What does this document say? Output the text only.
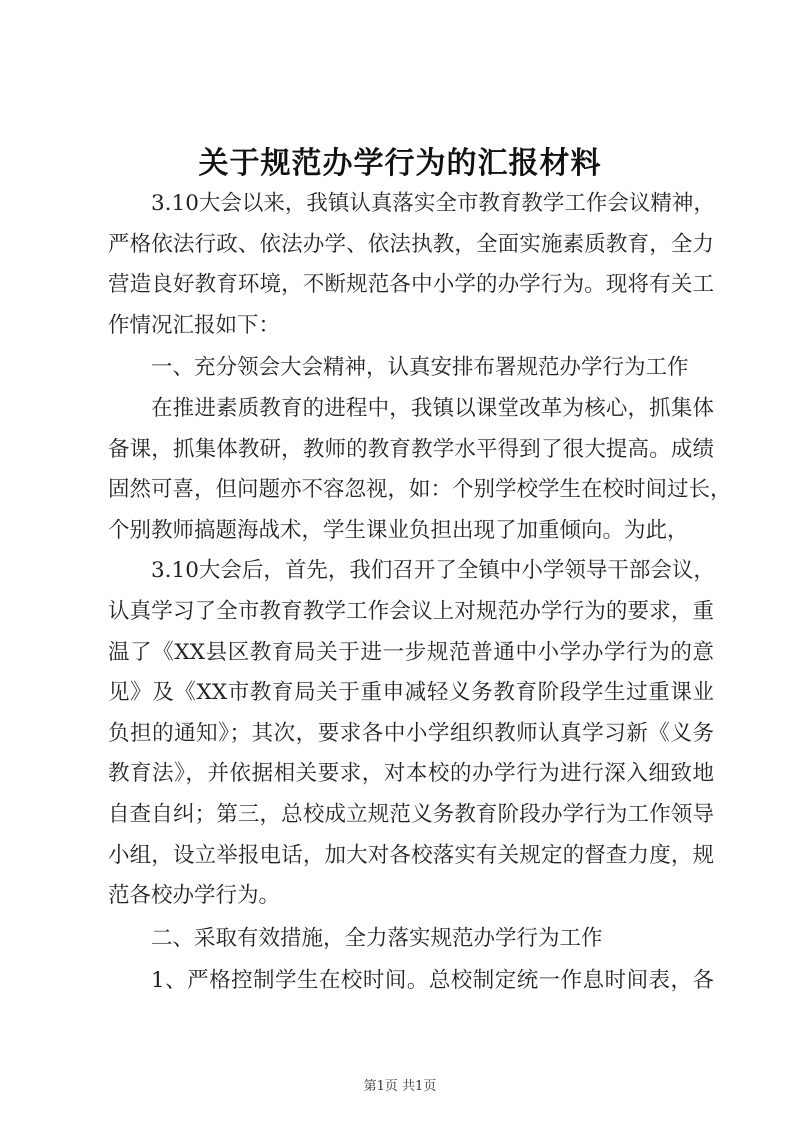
关于规范办学行为的汇报材料
3.10大会以来，我镇认真落实全市教育教学工作会议精神，
严格依法行政、依法办学、依法执教，全面实施素质教育，全力
营造良好教育环境，不断规范各中小学的办学行为。现将有关工
作情况汇报如下：
一、充分领会大会精神，认真安排布署规范办学行为工作
在推进素质教育的进程中，我镇以课堂改革为核心，抓集体
备课，抓集体教研，教师的教育教学水平得到了很大提高。成绩
固然可喜，但问题亦不容忽视，如：个别学校学生在校时间过长，
个别教师搞题海战术，学生课业负担出现了加重倾向。为此，
3.10大会后，首先，我们召开了全镇中小学领导干部会议，
认真学习了全市教育教学工作会议上对规范办学行为的要求，重
温了《XX县区教育局关于进一步规范普通中小学办学行为的意
见》及《XX市教育局关于重申减轻义务教育阶段学生过重课业
负担的通知》；其次，要求各中小学组织教师认真学习新《义务
教育法》，并依据相关要求，对本校的办学行为进行深入细致地
自查自纠；第三，总校成立规范义务教育阶段办学行为工作领导
小组，设立举报电话，加大对各校落实有关规定的督查力度，规
范各校办学行为。
二、采取有效措施，全力落实规范办学行为工作
1、严格控制学生在校时间。总校制定统一作息时间表，各
第1页 共1页
